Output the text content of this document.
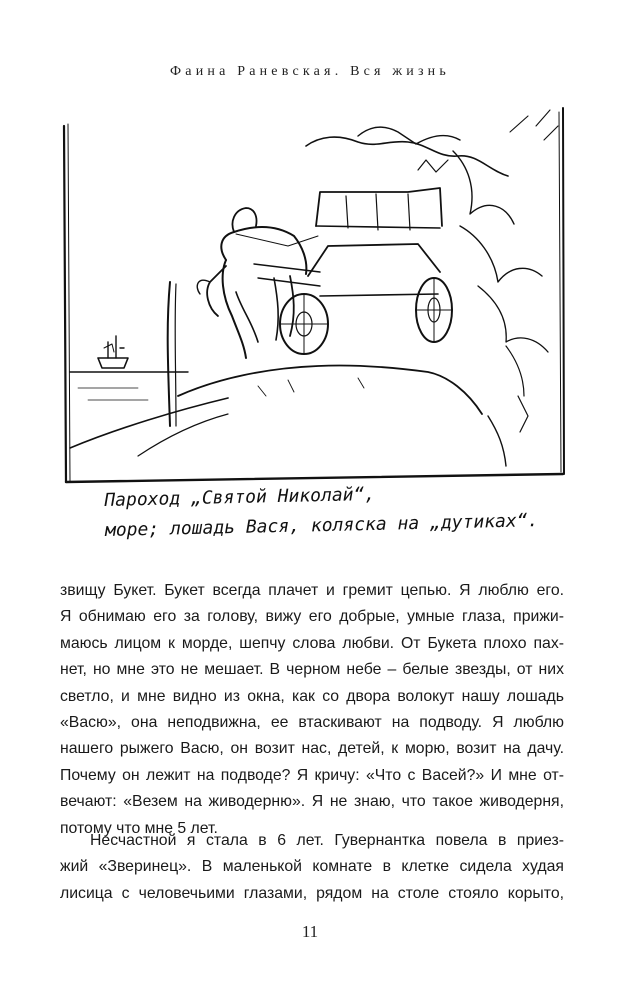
Фаина Раневская. Вся жизнь
Пароход „Святой Николай“,
море; лошадь Вася, коляска на „дутиках“.
звищу Букет. Букет всегда плачет и гремит цепью. Я люблю его.
Я обнимаю его за голову, вижу его добрые, умные глаза, прижи-
маюсь лицом к морде, шепчу слова любви. От Букета плохо пах-
нет, но мне это не мешает. В черном небе – белые звезды, от них
светло, и мне видно из окна, как со двора волокут нашу лошадь
«Васю», она неподвижна, ее втаскивают на подводу. Я люблю
нашего рыжего Васю, он возит нас, детей, к морю, возит на дачу.
Почему он лежит на подводе? Я кричу: «Что с Васей?» И мне от-
вечают: «Везем на живодерню». Я не знаю, что такое живодерня,
потому что мне 5 лет.
Несчастной я стала в 6 лет. Гувернантка повела в приез-
жий «Зверинец». В маленькой комнате в клетке сидела худая
лисица с человечьими глазами, рядом на столе стояло корыто,
11
